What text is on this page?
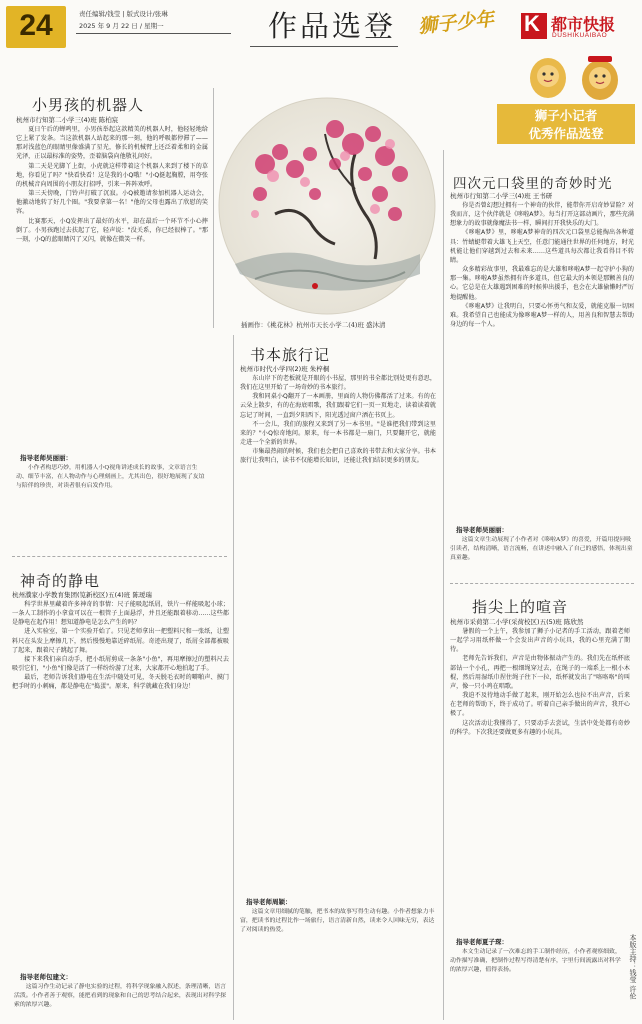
24	责任编辑/钱莹 | 版式设计/张琳
2025 年 9 月 22 日 / 星期一	作品选登 狮子少年 K 都市快报
DUSHIKUAIBAO
狮子小记者
优秀作品选登
插画作：《桃花林》杭州市天长小学二(4)班 盛沐清
小男孩的机器人
杭州市行知第二小学三(4)班 陈柏宸

夏日午后的蝉鸣里，小男孩举起这款精美的机器人时，他轻轻地给它上紧了发条。当这款机器人站起来的那一刻，他的呼吸都停滞了——那对浅蓝色的眼睛里像盛满了星光，修长的机械臂上还泛着柔和的金属光泽，正以最标准的姿势，歪着脑袋向他敬礼问好。

第二天是光脚丫上街，小虎就这样带着这个机器人来到了楼下的草地，你看见了吗？"快看快看！这是我的小Q哦！"小Q挺起胸膛，用夸张的机械音向周围的小朋友打招呼，引来一阵阵欢呼。

第三天傍晚，门铃声打破了沉寂。小Q被邀请参加机器人运动会，他激动地转了好几个圈。"我要拿第一名！"他的父母也露出了欣慰的笑容。

比赛那天，小Q发挥出了最好的水平，却在最后一个环节不小心摔倒了。小男孩跑过去扶起了它，轻声说："没关系，你已经很棒了。"那一刻，小Q的蓝眼睛闪了又闪，就像在微笑一样。

指导老师吴丽丽：
小作者构思巧妙，用机器人小Q视角讲述成长的故事，文章语言生动、细节丰富，在人物动作与心理刻画上，尤其出色，很好地展现了友谊与陪伴的珍贵，对读者很有启发作用。
神奇的静电
杭州濮家小学教育集团(笕新校区)五(4)班 陈瑷瑞

科学世界里藏着许多神奇的事情：尺子能吸起纸屑，铁片一样能吸起小球；一条人工制作的小拿盒可以在一根管子上面悬浮，并且还能跟着移动……这些都是静电在起作用！想知道静电是怎么产生的吗？

进入实验室，第一个实验开始了。只见老师拿出一把塑料尺和一张纸，让塑料尺在头发上摩擦几下，然后慢慢地靠近碎纸屑。奇迹出现了，纸屑全部都被吸了起来，跟着尺子跳起了舞。

接下来我们亲自动手，把小纸屑剪成一条条"小鱼"，再用摩擦过的塑料尺去吸引它们，"小鱼"们像是活了一样纷纷游了过来，大家都开心地拍起了手。

最后，老师告诉我们静电在生活中随处可见，冬天脱毛衣时的噼啪声、摸门把手时的小刺痛，都是静电在"捣蛋"。原来，科学就藏在我们身边！

指导老师包建文：
这篇习作生动记录了静电实验的过程，将科学现象融入叙述，条理清晰，语言活泼。小作者善于观察，能把看到的现象和自己的思考结合起来，表现出对科学探索的浓厚兴趣。
书本旅行记
杭州市时代小学四(2)班 朱梓桐

东山岸下的老板就是开眼的小书屋，那里的书全都比别处更有意思，我们在这里开始了一场奇妙的书本旅行。

我和同桌小Q翻开了一本画册，里面的人物仿佛都活了过来。有的在云朵上散步，有的在海底唱歌，我们跟着它们一页一页地走，读着读着就忘记了时间，一直到夕阳西下，阳光透过窗户洒在书页上。

不一会儿，我们的旅程又来到了另一本书里。"是谁把我们带到这里来的？"小Q惊奇地问。原来，每一本书都是一扇门，只要翻开它，就能走进一个全新的世界。

市集最热闹的时候，我们也会把自己喜欢的书带去和大家分享。书本旅行让我明白，读书不仅能增长知识，还能让我们结识更多的朋友。

指导老师周颖：
这篇文章用细腻的笔触，把书本的故事写得生动有趣。小作者想象力丰富，把读书的过程比作一场旅行，语言清新自然，读来令人回味无穷，表达了对阅读的热爱。
四次元口袋里的奇妙时光
杭州市行知第二小学三(4)班 王书研

你是否曾幻想过拥有一个神奇的伙伴，能带你开启奇妙冒险？对我而言，这个伙伴就是《哆啦A梦》。每当打开这部动画片，那些充满想象力的故事就像魔法书一样，瞬间打开我快乐的大门。

《哆啦A梦》里，哆啦A梦神奇的四次元口袋里总能掏出各种道具：竹蜻蜓带着大雄飞上天空，任意门能通往世界的任何地方，时光机能让他们穿越到过去和未来……这些道具每次都让我看得目不转睛。

众多精彩故事里，我最难忘的是大雄和哆啦A梦一起守护小狗的那一集。哆啦A梦虽然拥有许多道具，但它最大的本领是那颗善良的心。它总是在大雄遇到困难的时候伸出援手，也会在大雄偷懒时严厉地提醒他。

《哆啦A梦》让我明白，只要心怀勇气和友爱，就能克服一切困难。我希望自己也能成为像哆啦A梦一样的人，用善良和智慧去帮助身边的每一个人。

指导老师吴丽丽：
这篇文章生动展现了小作者对《哆啦A梦》的喜爱，开篇用提问吸引读者，结构清晰，语言流畅，在讲述中融入了自己的感悟，体现出童真童趣。
指尖上的喧音
杭州市采荷第二小学(采荷校区)五(5)班 陈欣然

暑假的一个上午，我参加了狮子小记者的手工活动，跟着老师一起学习用纸杯做一个会发出声音的小玩具，我的心里充满了期待。

老师先告诉我们，声音是由物体振动产生的。我们先在纸杯底部钻一个小孔，再把一根细绳穿过去，在绳子的一端系上一根小木棍，然后用湿纸巾捏住绳子往下一拉，纸杯就发出了"咯咯咯"的叫声，像一只小鸡在唱歌。

我迫不及待地动手做了起来，刚开始怎么也拉不出声音，后来在老师的帮助下，终于成功了。听着自己亲手做出的声音，我开心极了。

这次活动让我懂得了，只要动手去尝试，生活中处处都有奇妙的科学。下次我还要做更多有趣的小玩具。

指导老师夏子琛：
本文生动记录了一次难忘的手工制作经历，小作者观察细致，动作描写准确，把制作过程写得清楚有序，字里行间流露出对科学的浓厚兴趣，值得表扬。	本版主持：钱莹 许伦
